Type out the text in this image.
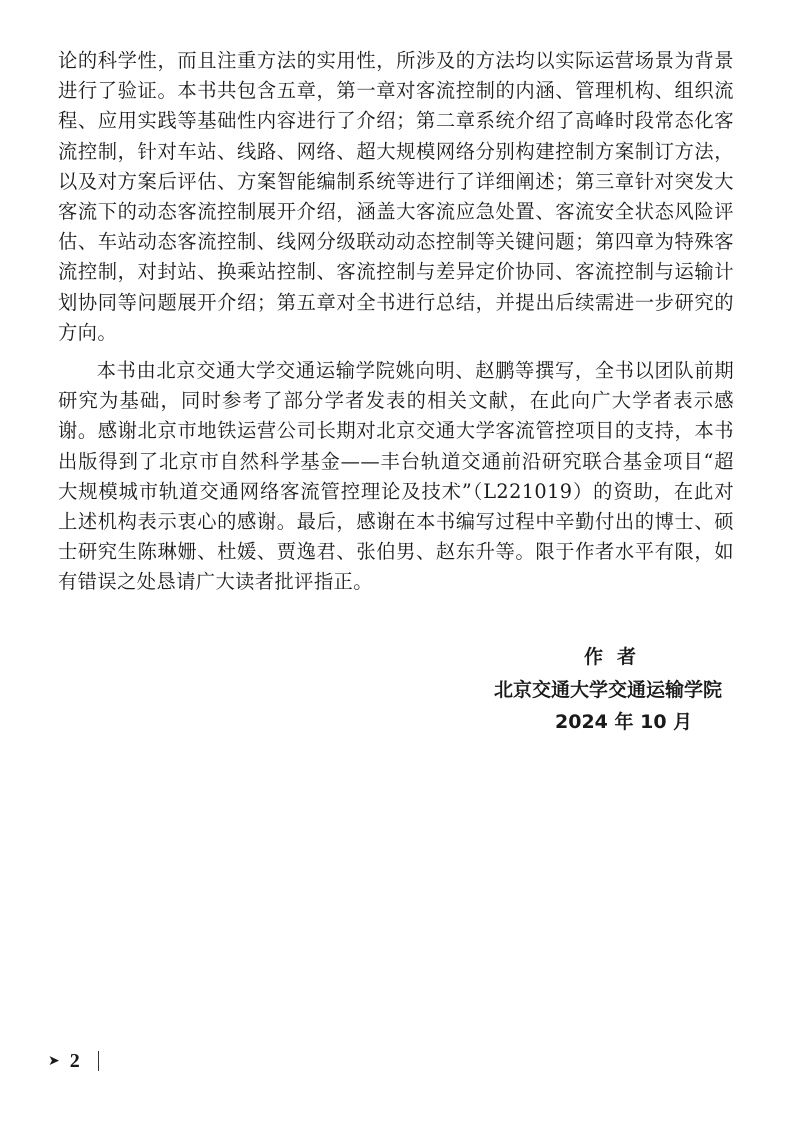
论的科学性，而且注重方法的实用性，所涉及的方法均以实际运营场景为背景进行了验证。本书共包含五章，第一章对客流控制的内涵、管理机构、组织流程、应用实践等基础性内容进行了介绍；第二章系统介绍了高峰时段常态化客流控制，针对车站、线路、网络、超大规模网络分别构建控制方案制订方法，以及对方案后评估、方案智能编制系统等进行了详细阐述；第三章针对突发大客流下的动态客流控制展开介绍，涵盖大客流应急处置、客流安全状态风险评估、车站动态客流控制、线网分级联动动态控制等关键问题；第四章为特殊客流控制，对封站、换乘站控制、客流控制与差异定价协同、客流控制与运输计划协同等问题展开介绍；第五章对全书进行总结，并提出后续需进一步研究的方向。

本书由北京交通大学交通运输学院姚向明、赵鹏等撰写，全书以团队前期研究为基础，同时参考了部分学者发表的相关文献，在此向广大学者表示感谢。感谢北京市地铁运营公司长期对北京交通大学客流管控项目的支持，本书出版得到了北京市自然科学基金——丰台轨道交通前沿研究联合基金项目“超大规模城市轨道交通网络客流管控理论及技术”（L221019）的资助，在此对上述机构表示衷心的感谢。最后，感谢在本书编写过程中辛勤付出的博士、硕士研究生陈琳姗、杜媛、贾逸君、张伯男、赵东升等。限于作者水平有限，如有错误之处恳请广大读者批评指正。

作者
北京交通大学交通运输学院
2024 年 10 月
➤ 2
